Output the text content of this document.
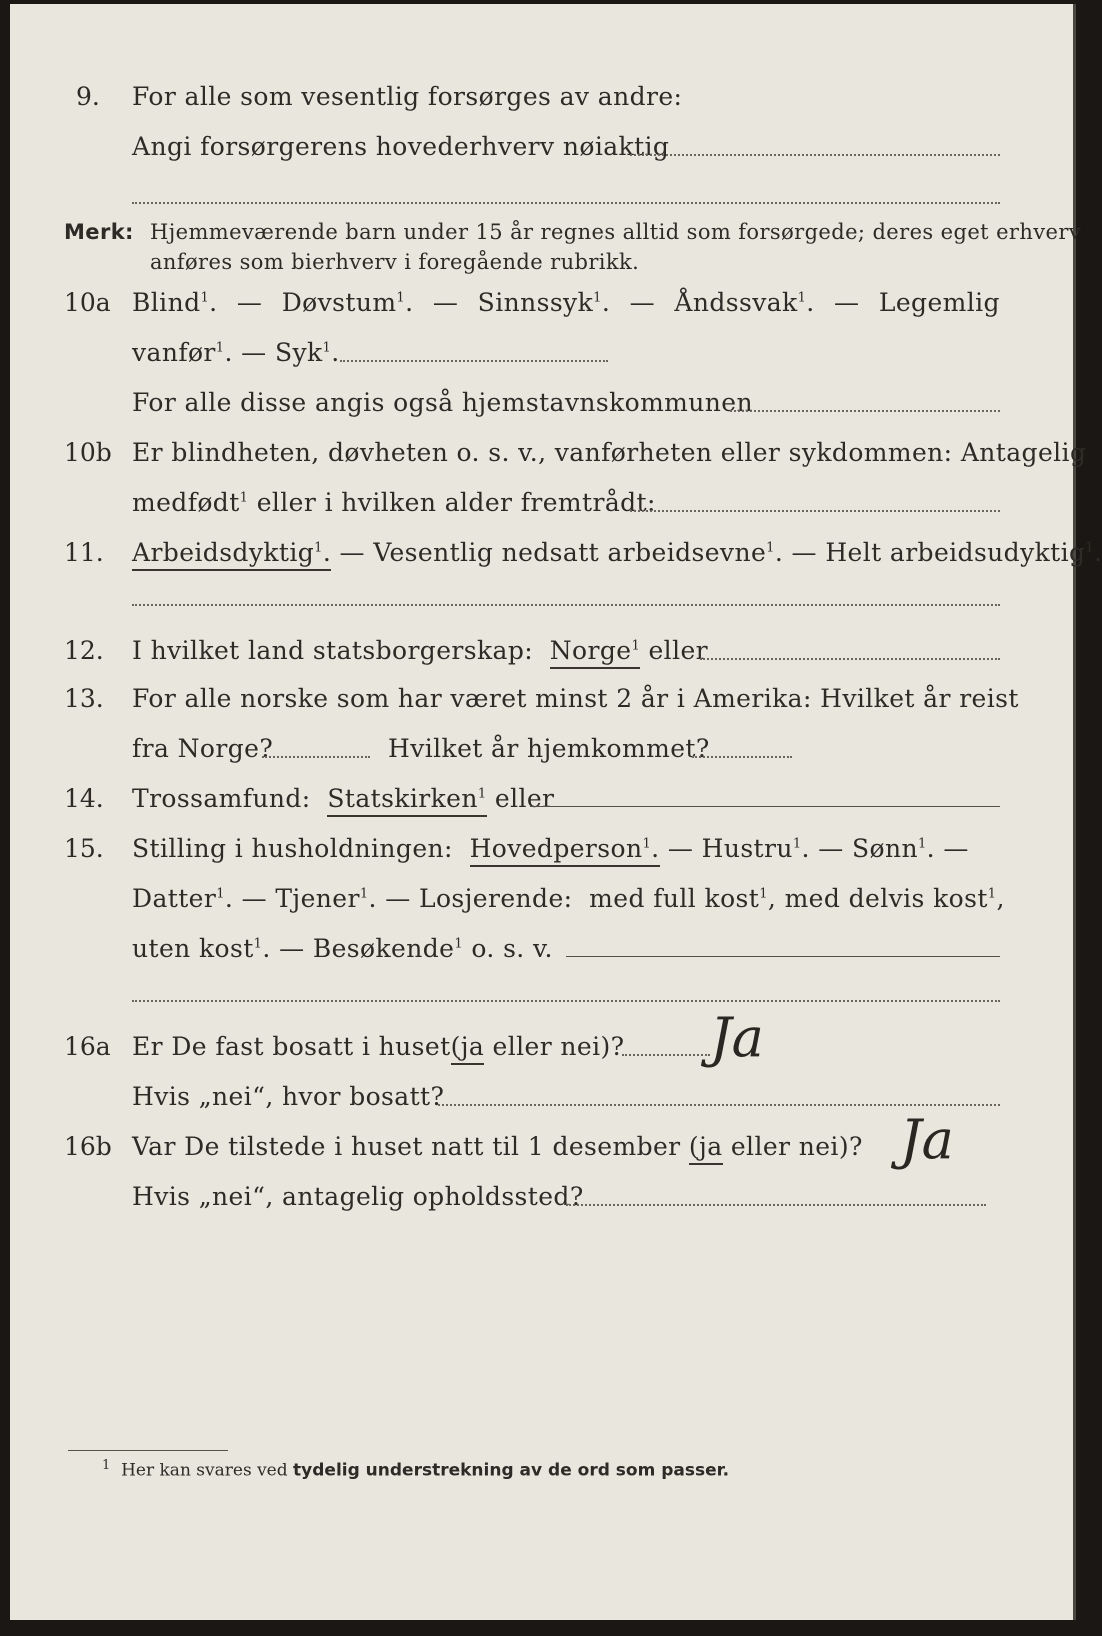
9. For alle som vesentlig forsørges av andre:
Angi forsørgerens hovederhverv nøiaktig
Merk: Hjemmeværende barn under 15 år regnes alltid som forsørgede; deres eget erhverv
anføres som bierhverv i foregående rubrikk.
10a Blind$^1$. — Døvstum$^1$. — Sinnssyk$^1$. — Åndssvak$^1$. — Legemlig
vanfør$^1$. — Syk$^1$.
For alle disse angis også hjemstavnskommunen
10b Er blindheten, døvheten o. s. v., vanførheten eller sykdommen: Antagelig
medfødt$^1$ eller i hvilken alder fremtrådt:
11. Arbeidsdyktig$^1$. — Vesentlig nedsatt arbeidsevne$^1$. — Helt arbeidsudyktig$^1$.
12. I hvilket land statsborgerskap: Norge$^1$ eller
13. For alle norske som har været minst 2 år i Amerika: Hvilket år reist
fra Norge?	Hvilket år hjemkommet?
14. Trossamfund: Statskirken$^1$ eller
15. Stilling i husholdningen: Hovedperson$^1$. — Hustru$^1$. — Sønn$^1$. —
Datter$^1$. — Tjener$^1$. — Losjerende: med full kost$^1$, med delvis kost$^1$,
uten kost$^1$. — Besøkende$^1$ o. s. v.
16a Er De fast bosatt i huset(ja eller nei)? Ja
Hvis „nei“, hvor bosatt?
16b Var De tilstede i huset natt til 1 desember (ja eller nei)? Ja
Hvis „nei“, antagelig opholdssted?
$^1$ Her kan svares ved tydelig understrekning av de ord som passer.
